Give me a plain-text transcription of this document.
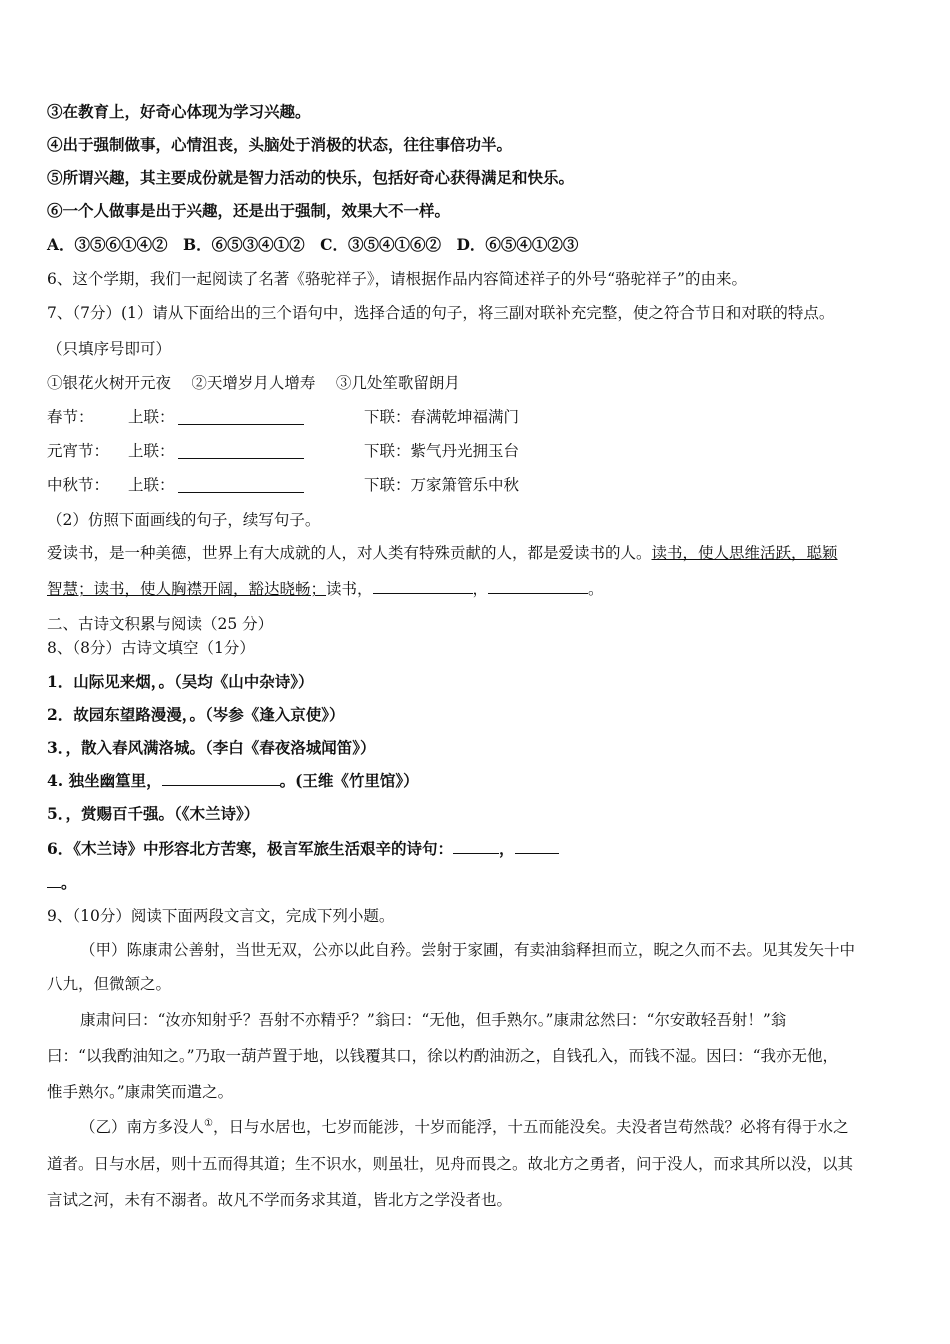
③在教育上，好奇心体现为学习兴趣。
④出于强制做事，心情沮丧，头脑处于消极的状态，往往事倍功半。
⑤所谓兴趣，其主要成份就是智力活动的快乐，包括好奇心获得满足和快乐。
⑥一个人做事是出于兴趣，还是出于强制，效果大不一样。
A．③⑤⑥①④②　B．⑥⑤③④①②　C．③⑤④①⑥②　D．⑥⑤④①②③
6、这个学期，我们一起阅读了名著《骆驼祥子》，请根据作品内容简述祥子的外号“骆驼祥子”的由来。
7、（7分）(1）请从下面给出的三个语句中，选择合适的句子，将三副对联补充完整，使之符合节日和对联的特点。
（只填序号即可）
①银花火树开元夜　 ②天增岁月人增寿　 ③几处笙歌留朗月
春节： 上联：	下联：春满乾坤福满门
元宵节： 上联：	下联：紫气丹光拥玉台
中秋节： 上联：	下联：万家箫管乐中秋
（2）仿照下面画线的句子，续写句子。
爱读书，是一种美德，世界上有大成就的人，对人类有特殊贡献的人，都是爱读书的人。读书，使人思维活跃，聪颖
智慧；读书，使人胸襟开阔，豁达晓畅；读书，	，	。
二、古诗文积累与阅读（25 分）
8、（8分）古诗文填空（1分）
1．山际见来烟，。（吴均《山中杂诗》）
2．故园东望路漫漫，。（岑参《逢入京使》）
3．，散入春风满洛城。（李白《春夜洛城闻笛》）
4. 独坐幽篁里，	。(王维《竹里馆》）
5．，赏赐百千强。（《木兰诗》）
6．《木兰诗》中形容北方苦寒，极言军旅生活艰辛的诗句：	，
。
9、（10分）阅读下面两段文言文，完成下列小题。
（甲）陈康肃公善射，当世无双，公亦以此自矜。尝射于家圃，有卖油翁释担而立，睨之久而不去。见其发矢十中
八九，但微颔之。
康肃问曰：“汝亦知射乎？吾射不亦精乎？”翁曰：“无他，但手熟尔。”康肃忿然曰：“尔安敢轻吾射！”翁
曰：“以我酌油知之。”乃取一葫芦置于地，以钱覆其口，徐以杓酌油沥之，自钱孔入，而钱不湿。因曰：“我亦无他，
惟手熟尔。”康肃笑而遣之。
（乙）南方多没人①，日与水居也，七岁而能涉，十岁而能浮，十五而能没矣。夫没者岂苟然哉？必将有得于水之
道者。日与水居，则十五而得其道；生不识水，则虽壮，见舟而畏之。故北方之勇者，问于没人，而求其所以没，以其
言试之河，未有不溺者。故凡不学而务求其道，皆北方之学没者也。
